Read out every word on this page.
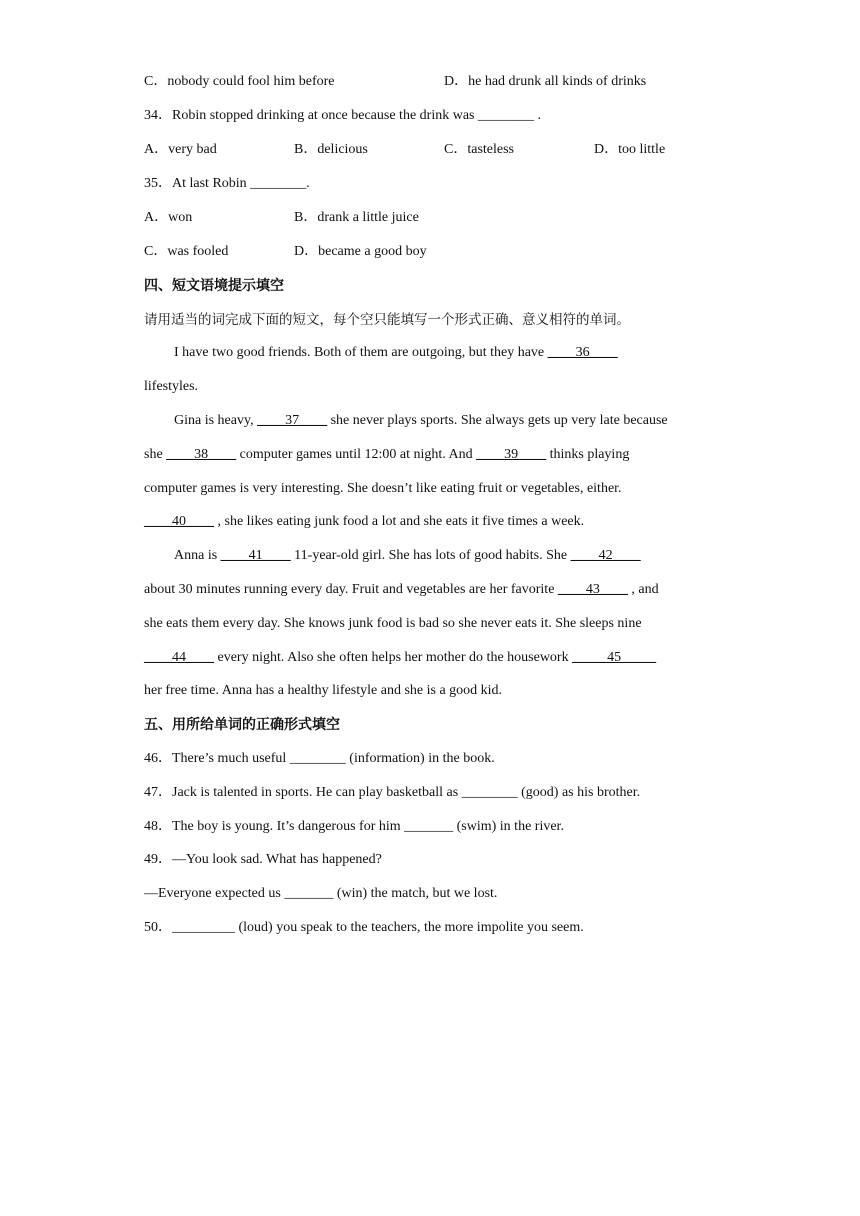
C．nobody could fool him before	D．he had drunk all kinds of drinks
34．Robin stopped drinking at once because the drink was ________ .
A．very bad	B．delicious	C．tasteless	D．too little
35．At last Robin ________.
A．won	B．drank a little juice
C．was fooled	D．became a good boy
四、短文语境提示填空
请用适当的词完成下面的短文，每个空只能填写一个形式正确、意义相符的单词。
I have two good friends. Both of them are outgoing, but they have ____36____
lifestyles.
Gina is heavy, ____37____ she never plays sports. She always gets up very late because
she ____38____ computer games until 12:00 at night. And ____39____ thinks playing
computer games is very interesting. She doesn’t like eating fruit or vegetables, either.
____40____ , she likes eating junk food a lot and she eats it five times a week.
Anna is ____41____ 11-year-old girl. She has lots of good habits. She ____42____
about 30 minutes running every day. Fruit and vegetables are her favorite ____43____ , and
she eats them every day. She knows junk food is bad so she never eats it. She sleeps nine
____44____ every night. Also she often helps her mother do the housework _____45_____
her free time. Anna has a healthy lifestyle and she is a good kid.
五、用所给单词的正确形式填空
46．There’s much useful ________ (information) in the book.
47．Jack is talented in sports. He can play basketball as ________ (good) as his brother.
48．The boy is young. It’s dangerous for him _______ (swim) in the river.
49．—You look sad. What has happened?
—Everyone expected us _______ (win) the match, but we lost.
50．_________ (loud) you speak to the teachers, the more impolite you seem.
